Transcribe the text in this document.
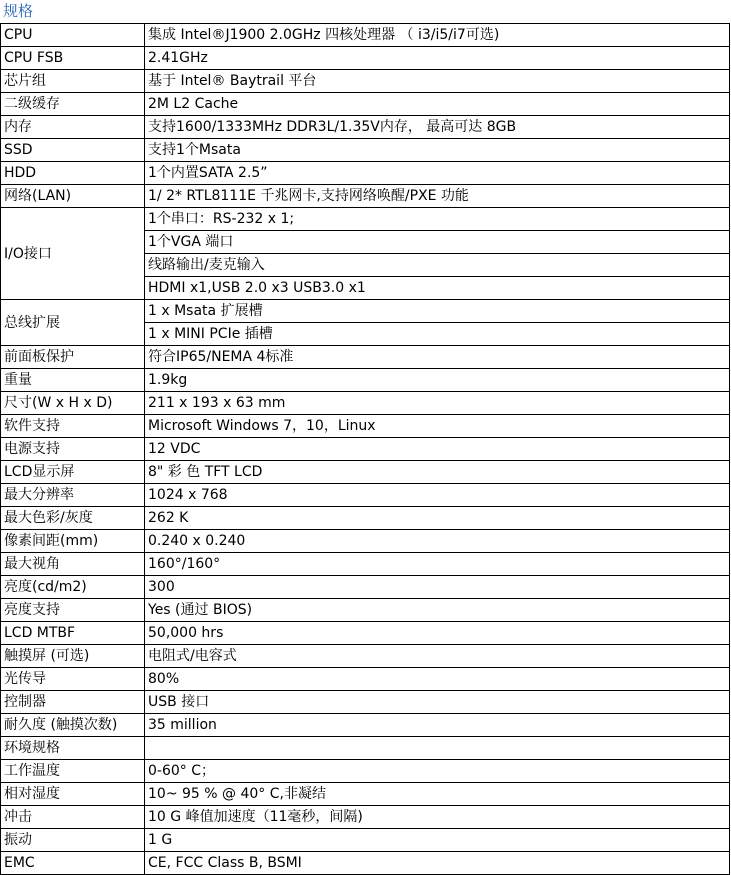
规格
CPU	集成 Intel®J1900 2.0GHz 四核处理器 （ i3/i5/i7可选)
CPU FSB	2.41GHz
芯片组	基于 Intel® Baytrail 平台
二级缓存	2M L2 Cache
内存	支持1600/1333MHz DDR3L/1.35V内存， 最高可达 8GB
SSD	支持1个Msata
HDD	1个内置SATA 2.5”
网络(LAN)	1/ 2* RTL8111E 千兆网卡,支持网络唤醒/PXE 功能
I/O接口	1个串口：RS-232 x 1;
	1个VGA 端口
	线路输出/麦克输入
	HDMI x1,USB 2.0 x3 USB3.0 x1
总线扩展	1 x Msata 扩展槽
	1 x MINI PCIe 插槽
前面板保护	符合IP65/NEMA 4标准
重量	1.9kg
尺寸(W x H x D)	211 x 193 x 63 mm
软件支持	Microsoft Windows 7，10，Linux
电源支持	12 VDC
LCD显示屏	8" 彩 色 TFT LCD
最大分辨率	1024 x 768
最大色彩/灰度	262 K
像素间距(mm)	0.240 x 0.240
最大视角	160°/160°
亮度(cd/m2)	300
亮度支持	Yes (通过 BIOS)
LCD MTBF	50,000 hrs
触摸屏 (可选)	电阻式/电容式
光传导	80%
控制器	USB 接口
耐久度 (触摸次数)	35 million
环境规格	
工作温度	0-60° C；
相对湿度	10~ 95 % @ 40° C,非凝结
冲击	10 G 峰值加速度（11毫秒，间隔)
振动	1 G
EMC	CE, FCC Class B, BSMI
